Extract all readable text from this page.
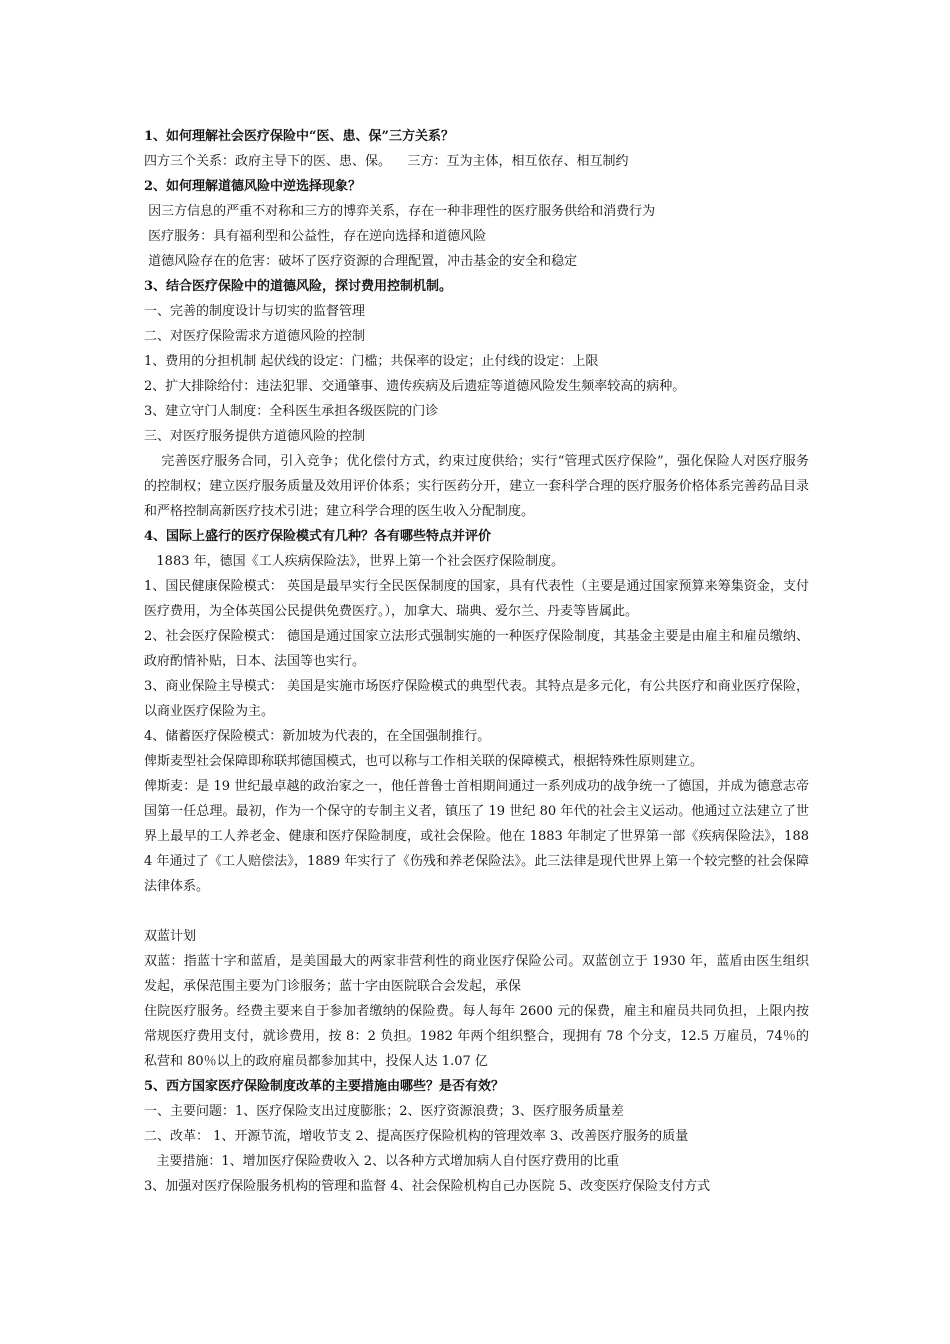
1、如何理解社会医疗保险中“医、患、保”三方关系？
四方三个关系：政府主导下的医、患、保。    三方：互为主体，相互依存、相互制约
2、如何理解道德风险中逆选择现象？
因三方信息的严重不对称和三方的博弈关系，存在一种非理性的医疗服务供给和消费行为
医疗服务：具有福利型和公益性，存在逆向选择和道德风险
道德风险存在的危害：破坏了医疗资源的合理配置，冲击基金的安全和稳定
3、结合医疗保险中的道德风险，探讨费用控制机制。
一、完善的制度设计与切实的监督管理
二、对医疗保险需求方道德风险的控制
1、费用的分担机制 起伏线的设定：门槛；共保率的设定；止付线的设定：上限
2、扩大排除给付：违法犯罪、交通肇事、遗传疾病及后遗症等道德风险发生频率较高的病种。
3、建立守门人制度：全科医生承担各级医院的门诊
三、对医疗服务提供方道德风险的控制
完善医疗服务合同，引入竞争；优化偿付方式，约束过度供给；实行“管理式医疗保险”，强化保险人对医疗服务的控制权；建立医疗服务质量及效用评价体系；实行医药分开，建立一套科学合理的医疗服务价格体系完善药品目录和严格控制高新医疗技术引进；建立科学合理的医生收入分配制度。
4、国际上盛行的医疗保险模式有几种？各有哪些特点并评价
1883 年，德国《工人疾病保险法》，世界上第一个社会医疗保险制度。
1、国民健康保险模式： 英国是最早实行全民医保制度的国家，具有代表性（主要是通过国家预算来筹集资金，支付医疗费用，为全体英国公民提供免费医疗。），加拿大、瑞典、爱尔兰、丹麦等皆属此。
2、社会医疗保险模式： 德国是通过国家立法形式强制实施的一种医疗保险制度，其基金主要是由雇主和雇员缴纳、政府酌情补贴，日本、法国等也实行。
3、商业保险主导模式： 美国是实施市场医疗保险模式的典型代表。其特点是多元化，有公共医疗和商业医疗保险，以商业医疗保险为主。
4、储蓄医疗保险模式：新加坡为代表的，在全国强制推行。
俾斯麦型社会保障即称联邦德国模式，也可以称与工作相关联的保障模式，根据特殊性原则建立。
俾斯麦：是 19 世纪最卓越的政治家之一，他任普鲁士首相期间通过一系列成功的战争统一了德国，并成为德意志帝国第一任总理。最初，作为一个保守的专制主义者，镇压了 19 世纪 80 年代的社会主义运动。他通过立法建立了世界上最早的工人养老金、健康和医疗保险制度，或社会保险。他在 1883 年制定了世界第一部《疾病保险法》，1884 年通过了《工人赔偿法》，1889 年实行了《伤残和养老保险法》。此三法律是现代世界上第一个较完整的社会保障法律体系。
双蓝计划
双蓝：指蓝十字和蓝盾，是美国最大的两家非营利性的商业医疗保险公司。双蓝创立于 1930 年，蓝盾由医生组织发起，承保范围主要为门诊服务；蓝十字由医院联合会发起，承保
住院医疗服务。经费主要来自于参加者缴纳的保险费。每人每年 2600 元的保费，雇主和雇员共同负担，上限内按常规医疗费用支付，就诊费用，按 8：2 负担。1982 年两个组织整合，现拥有 78 个分支，12.5 万雇员，74％的私营和 80％以上的政府雇员都参加其中，投保人达 1.07 亿
5、西方国家医疗保险制度改革的主要措施由哪些？是否有效？
一、主要问题：1、医疗保险支出过度膨胀；2、医疗资源浪费；3、医疗服务质量差
二、改革： 1、开源节流，增收节支 2、提高医疗保险机构的管理效率 3、改善医疗服务的质量
主要措施：1、增加医疗保险费收入 2、以各种方式增加病人自付医疗费用的比重
3、加强对医疗保险服务机构的管理和监督 4、社会保险机构自己办医院 5、改变医疗保险支付方式
